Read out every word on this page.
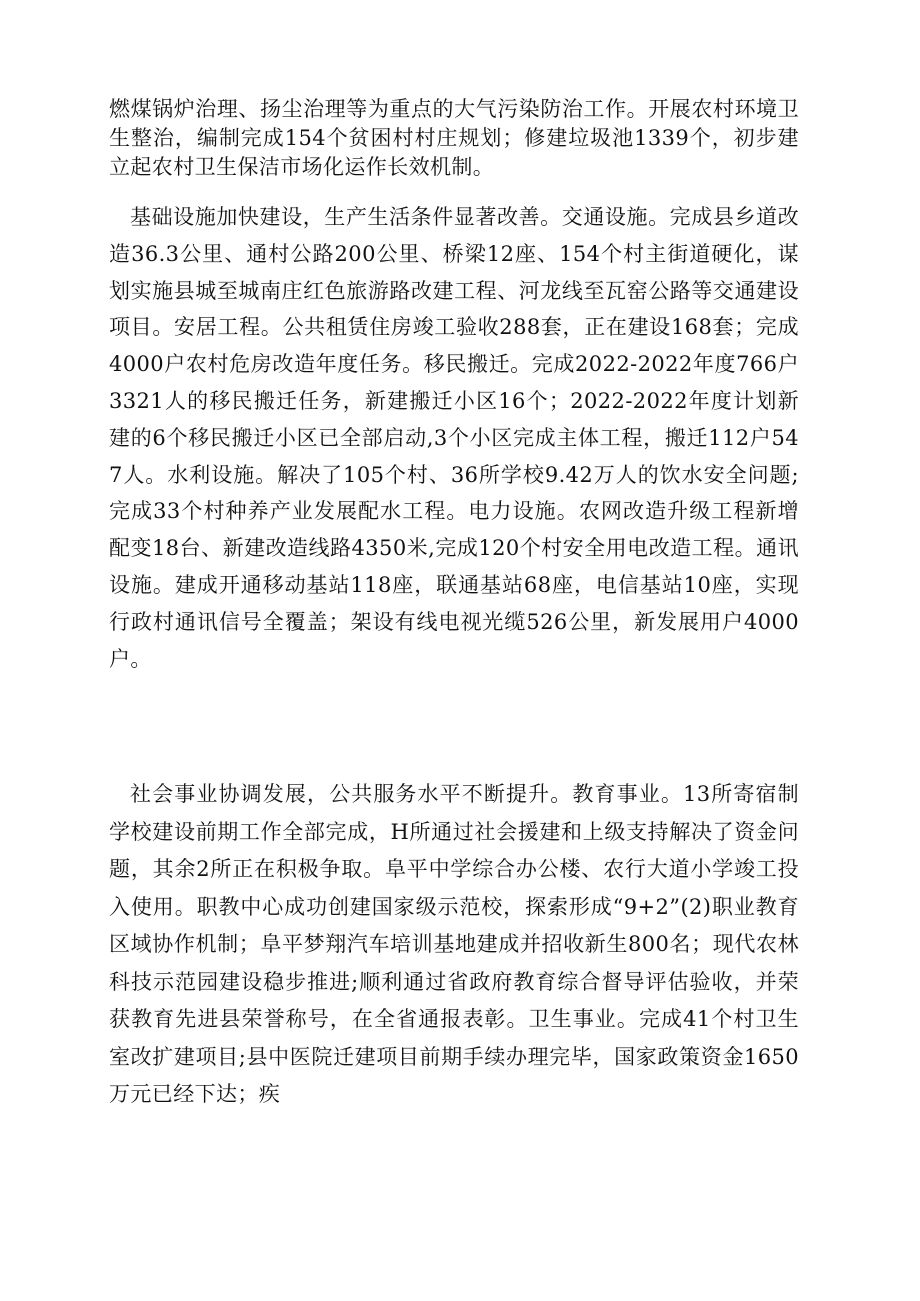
燃煤锅炉治理、扬尘治理等为重点的大气污染防治工作。开展农村环境卫生整治，编制完成154个贫困村村庄规划；修建垃圾池1339个，初步建立起农村卫生保洁市场化运作长效机制。

基础设施加快建设，生产生活条件显著改善。交通设施。完成县乡道改造36.3公里、通村公路200公里、桥梁12座、154个村主街道硬化，谋划实施县城至城南庄红色旅游路改建工程、河龙线至瓦窑公路等交通建设项目。安居工程。公共租赁住房竣工验收288套，正在建设168套；完成4000户农村危房改造年度任务。移民搬迁。完成2022-2022年度766户3321人的移民搬迁任务，新建搬迁小区16个；2022-2022年度计划新建的6个移民搬迁小区已全部启动,3个小区完成主体工程，搬迁112户547人。水利设施。解决了105个村、36所学校9.42万人的饮水安全问题;完成33个村种养产业发展配水工程。电力设施。农网改造升级工程新增配变18台、新建改造线路4350米,完成120个村安全用电改造工程。通讯设施。建成开通移动基站118座，联通基站68座，电信基站10座，实现行政村通讯信号全覆盖；架设有线电视光缆526公里，新发展用户4000户。

社会事业协调发展，公共服务水平不断提升。教育事业。13所寄宿制学校建设前期工作全部完成，H所通过社会援建和上级支持解决了资金问题，其余2所正在积极争取。阜平中学综合办公楼、农行大道小学竣工投入使用。职教中心成功创建国家级示范校，探索形成“9+2”(2)职业教育区域协作机制；阜平梦翔汽车培训基地建成并招收新生800名；现代农林科技示范园建设稳步推进;顺利通过省政府教育综合督导评估验收，并荣获教育先进县荣誉称号，在全省通报表彰。卫生事业。完成41个村卫生室改扩建项目;县中医院迁建项目前期手续办理完毕，国家政策资金1650万元已经下达；疾
